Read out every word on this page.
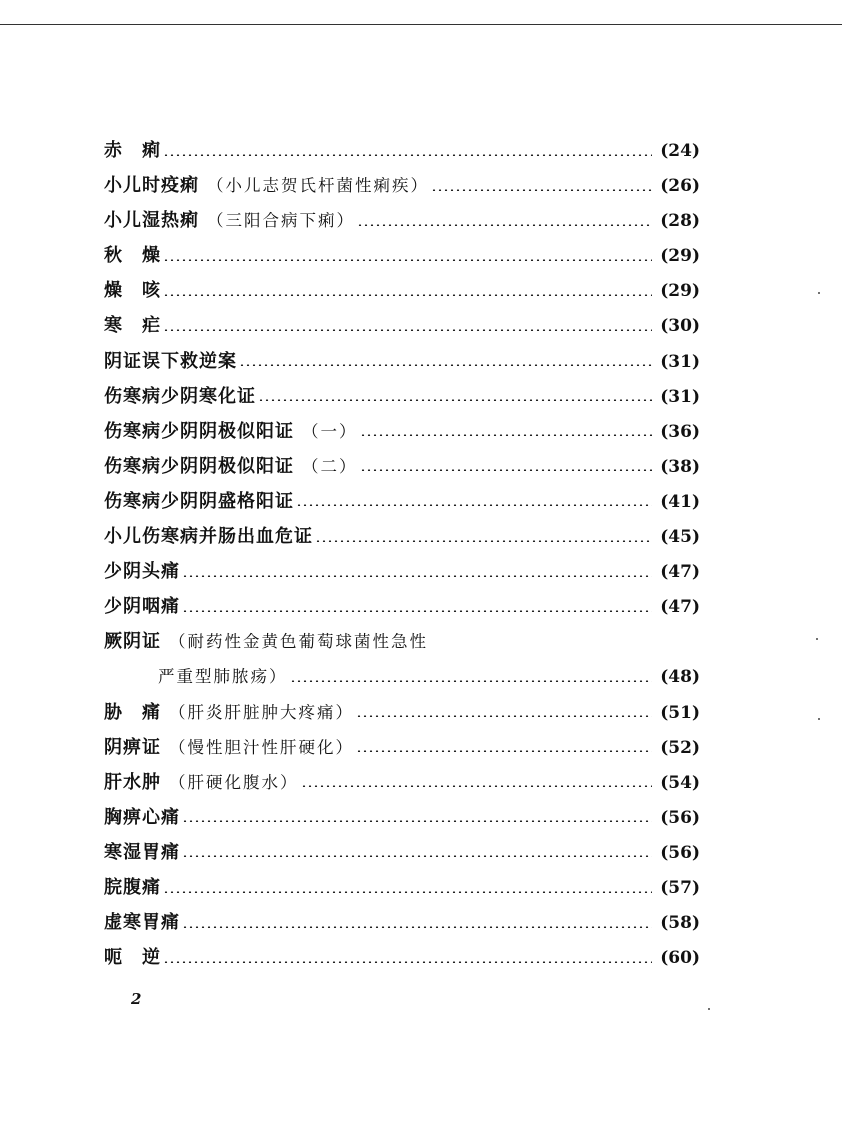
赤　痢	(24)
小儿时疫痢 （小儿志贺氏杆菌性痢疾）	(26)
小儿湿热痢 （三阳合病下痢）	(28)
秋　燥	(29)
燥　咳	(29)
寒　疟	(30)
阴证误下救逆案	(31)
伤寒病少阴寒化证	(31)
伤寒病少阴阴极似阳证 （一）	(36)
伤寒病少阴阴极似阳证 （二）	(38)
伤寒病少阴阴盛格阳证	(41)
小儿伤寒病并肠出血危证	(45)
少阴头痛	(47)
少阴咽痛	(47)
厥阴证 （耐药性金黄色葡萄球菌性急性
严重型肺脓疡）	(48)
胁　痛 （肝炎肝脏肿大疼痛）	(51)
阴痹证 （慢性胆汁性肝硬化）	(52)
肝水肿 （肝硬化腹水）	(54)
胸痹心痛	(56)
寒湿胃痛	(56)
脘腹痛	(57)
虚寒胃痛	(58)
呃　逆	(60)
2
